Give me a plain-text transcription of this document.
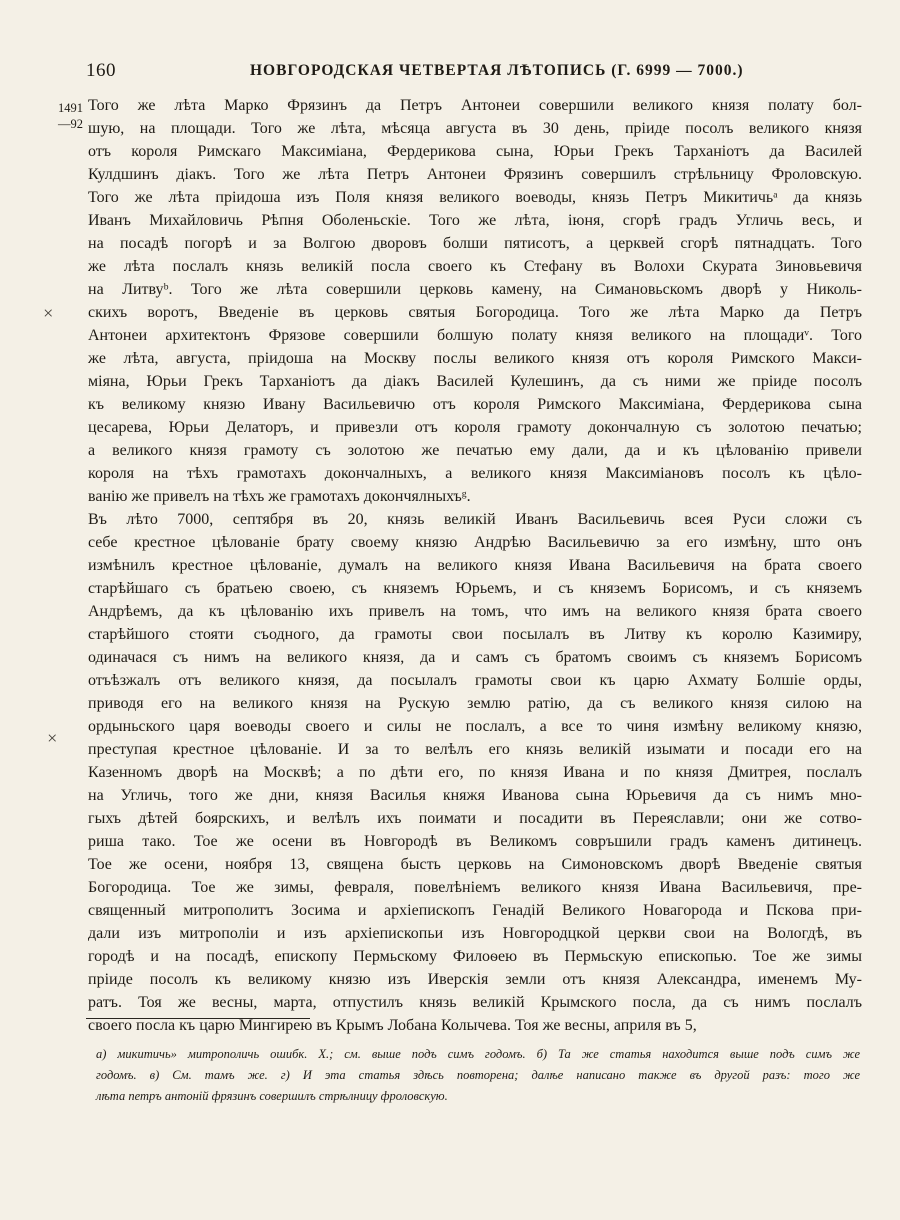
160	НОВГОРОДСКАЯ ЧЕТВЕРТАЯ ЛѢТОПИСЬ (Г. 6999 — 7000.)
1491
—92
×
×
Того же лѣта Марко Фрязинъ да Петръ Антонеи совершили великого князя полату бол-
шую, на площади. Того же лѣта, мѣсяца августа въ 30 день, пріиде посолъ великого князя
отъ короля Римскаго Максиміана, Фердерикова сына, Юрьи Грекъ Тарханіотъ да Василей
Кулдшинъ діакъ. Того же лѣта Петръ Антонеи Фрязинъ совершилъ стрѣльницу Фроловскую.
Того же лѣта пріидоша изъ Поля князя великого воеводы, князь Петръ Микитичьᵃ да князь
Иванъ Михайловичь Рѣпня Оболеньскіе. Того же лѣта, іюня, сгорѣ градъ Угличь весь, и
на посадѣ погорѣ и за Волгою дворовъ болши пятисотъ, а церквей сгорѣ пятнадцать. Того
же лѣта послалъ князь великій посла своего къ Стефану въ Волохи Скурата Зиновьевичя
на Литвуᵇ. Того же лѣта совершили церковь камену, на Симановьскомъ дворѣ у Николь-
скихъ воротъ, Введеніе въ церковь святыя Богородица. Того же лѣта Марко да Петръ
Антонеи архитектонъ Фрязове совершили болшую полату князя великого на площадиᵛ. Того
же лѣта, августа, пріидоша на Москву послы великого князя отъ короля Римского Макси-
міяна, Юрьи Грекъ Тарханіотъ да діакъ Василей Кулешинъ, да съ ними же пріиде посолъ
къ великому князю Ивану Васильевичю отъ короля Римского Максиміана, Фердерикова сына
цесарева, Юрьи Делаторъ, и привезли отъ короля грамоту докончалную съ золотою печатью;
а великого князя грамоту съ золотою же печатью ему дали, да и къ цѣлованію привели
короля на тѣхъ грамотахъ докончалныхъ, а великого князя Максиміановъ посолъ къ цѣло-
ванію же привелъ на тѣхъ же грамотахъ докончялныхъᵍ.
Въ лѣто 7000, септября въ 20, князь великій Иванъ Васильевичь всея Руси сложи съ
себе крестное цѣлованіе брату своему князю Андрѣю Васильевичю за его измѣну, што онъ
измѣнилъ крестное цѣлованіе, думалъ на великого князя Ивана Васильевичя на брата своего
старѣйшаго съ братьею своею, съ княземъ Юрьемъ, и съ княземъ Борисомъ, и съ княземъ
Андрѣемъ, да къ цѣлованію ихъ привелъ на томъ, что имъ на великого князя брата своего
старѣйшого стояти съодного, да грамоты свои посылалъ въ Литву къ королю Казимиру,
одиначася съ нимъ на великого князя, да и самъ съ братомъ своимъ съ княземъ Борисомъ
отъѣзжалъ отъ великого князя, да посылалъ грамоты свои къ царю Ахмату Болшіе орды,
приводя его на великого князя на Рускую землю ратію, да съ великого князя силою на
ордыньского царя воеводы своего и силы не послалъ, а все то чиня измѣну великому князю,
преступая крестное цѣлованіе. И за то велѣлъ его князь великій изымати и посади его на
Казенномъ дворѣ на Москвѣ; а по дѣти его, по князя Ивана и по князя Дмитрея, послалъ
на Угличь, того же дни, князя Василья княжя Иванова сына Юрьевичя да съ нимъ мно-
гыхъ дѣтей боярскихъ, и велѣлъ ихъ поимати и посадити въ Переяславли; они же сотво-
риша тако. Тое же осени въ Новгородѣ въ Великомъ совръшили градъ каменъ дитинецъ.
Тое же осени, ноября 13, священа бысть церковь на Симоновскомъ дворѣ Введеніе святыя
Богородица. Тое же зимы, февраля, повелѣніемъ великого князя Ивана Васильевичя, пре-
священный митрополитъ Зосима и архіепископъ Генадій Великого Новагорода и Пскова при-
дали изъ митрополіи и изъ архіепископьи изъ Новгородцкой церкви свои на Вологдѣ, въ
городѣ и на посадѣ, епископу Пермьскому Филоѳею въ Пермьскую епископью. Тое же зимы
пріиде посолъ къ великому князю изъ Иверскія земли отъ князя Александра, именемъ Му-
ратъ. Тоя же весны, марта, отпустилъ князь великій Крымского посла, да съ нимъ послалъ
своего посла къ царю Мингирею въ Крымъ Лобана Колычева. Тоя же весны, априля въ 5,
а) микитичь» митрополичь ошибк. Х.; см. выше подъ симъ годомъ. б) Та же статья находится выше подъ симъ же
годомъ. в) См. тамъ же. г) И эта статья здѣсь повторена; далѣе написано также въ другой разъ: того же
лѣта петръ антонiй фрязинъ совершилъ стрѣлницу фроловскую.
